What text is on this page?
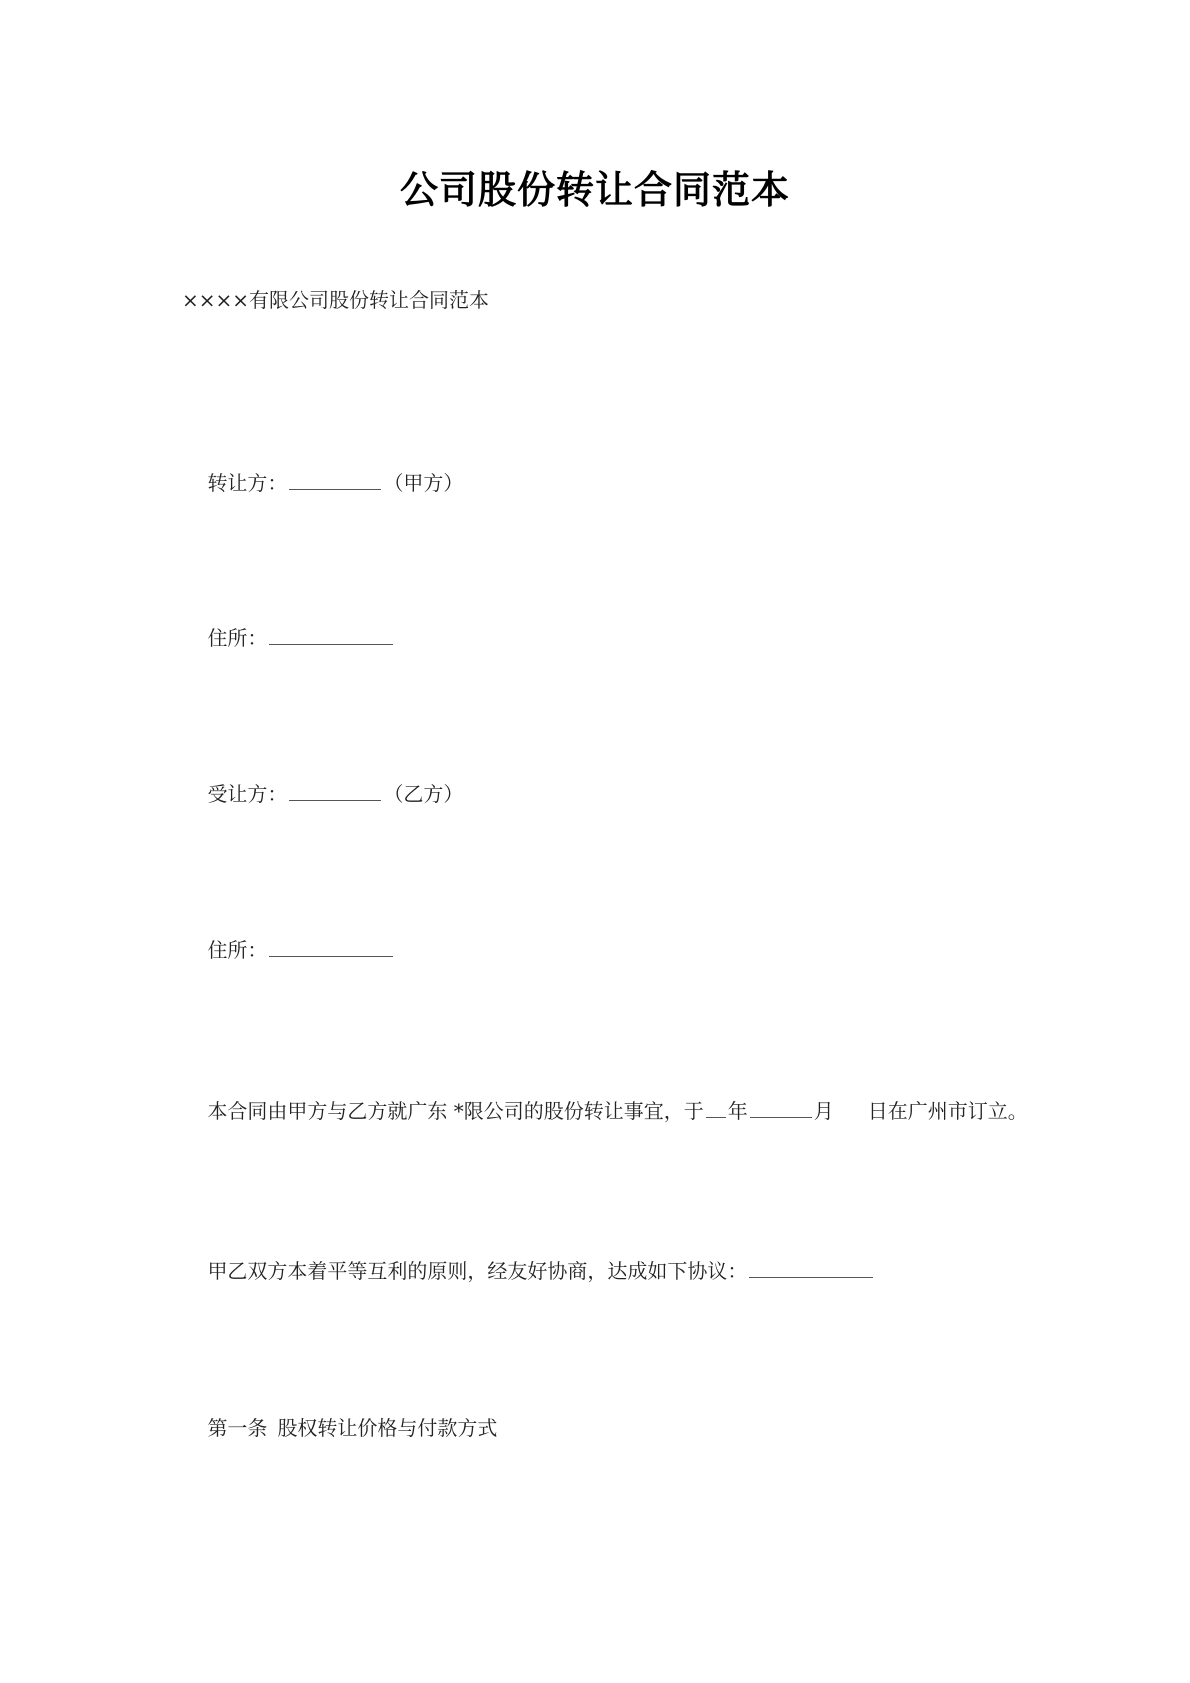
公司股份转让合同范本
××××有限公司股份转让合同范本

转让方：	（甲方）

住所：

受让方：	（乙方）

住所：

本合同由甲方与乙方就广东 *限公司的股份转让事宜，于 年	月 日在广州市订立。

甲乙双方本着平等互利的原则，经友好协商，达成如下协议：

第一条 股权转让价格与付款方式
